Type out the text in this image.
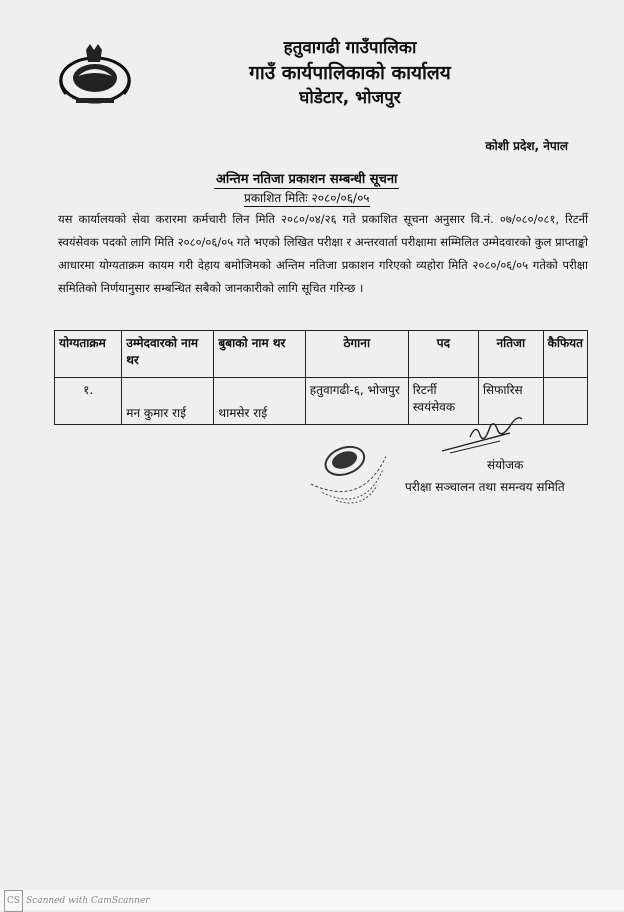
हतुवागढी गाउँपालिका
गाउँ कार्यपालिकाको कार्यालय
घोडेटार, भोजपुर
कोशी प्रदेश, नेपाल
अन्तिम नतिजा प्रकाशन सम्बन्धी सूचना
प्रकाशित मितिः २०८०/०६/०५
यस कार्यालयको सेवा करारमा कर्मचारी लिन मिति २०८०/०४/२६ गते प्रकाशित सूचना अनुसार वि.नं. ०७/०८०/०८१, रिटर्नी स्वयंसेवक पदको लागि मिति २०८०/०६/०५ गते भएको लिखित परीक्षा र अन्तरवार्ता परीक्षामा सम्मिलित उम्मेदवारको कुल प्राप्ताङ्को आधारमा योग्यताक्रम कायम गरी देहाय बमोजिमको अन्तिम नतिजा प्रकाशन गरिएको व्यहोरा मिति २०८०/०६/०५ गतेको परीक्षा समितिको निर्णयानुसार सम्बन्धित सबैको जानकारीको लागि सूचित गरिन्छ ।
योग्यताक्रम	उम्मेदवारको नाम थर	बुबाको नाम थर	ठेगाना	पद	नतिजा	कैफियत
१.	मन कुमार राई	थामसेर राई	हतुवागढी-६, भोजपुर	रिटर्नी स्वयंसेवक	सिफारिस	
संयोजक
परीक्षा सञ्चालन तथा समन्वय समिति
CS Scanned with CamScanner
